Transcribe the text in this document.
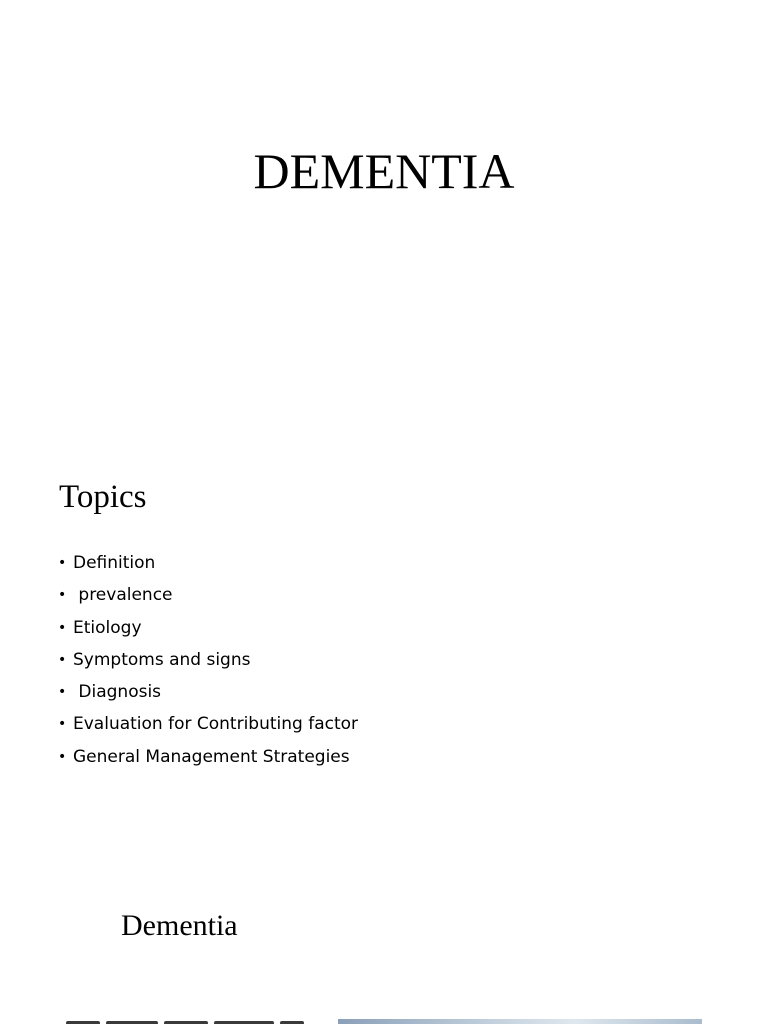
DEMENTIA
Topics
• Definition
• prevalence
• Etiology
• Symptoms and signs
• Diagnosis
• Evaluation for Contributing factor
• General Management Strategies
Dementia
